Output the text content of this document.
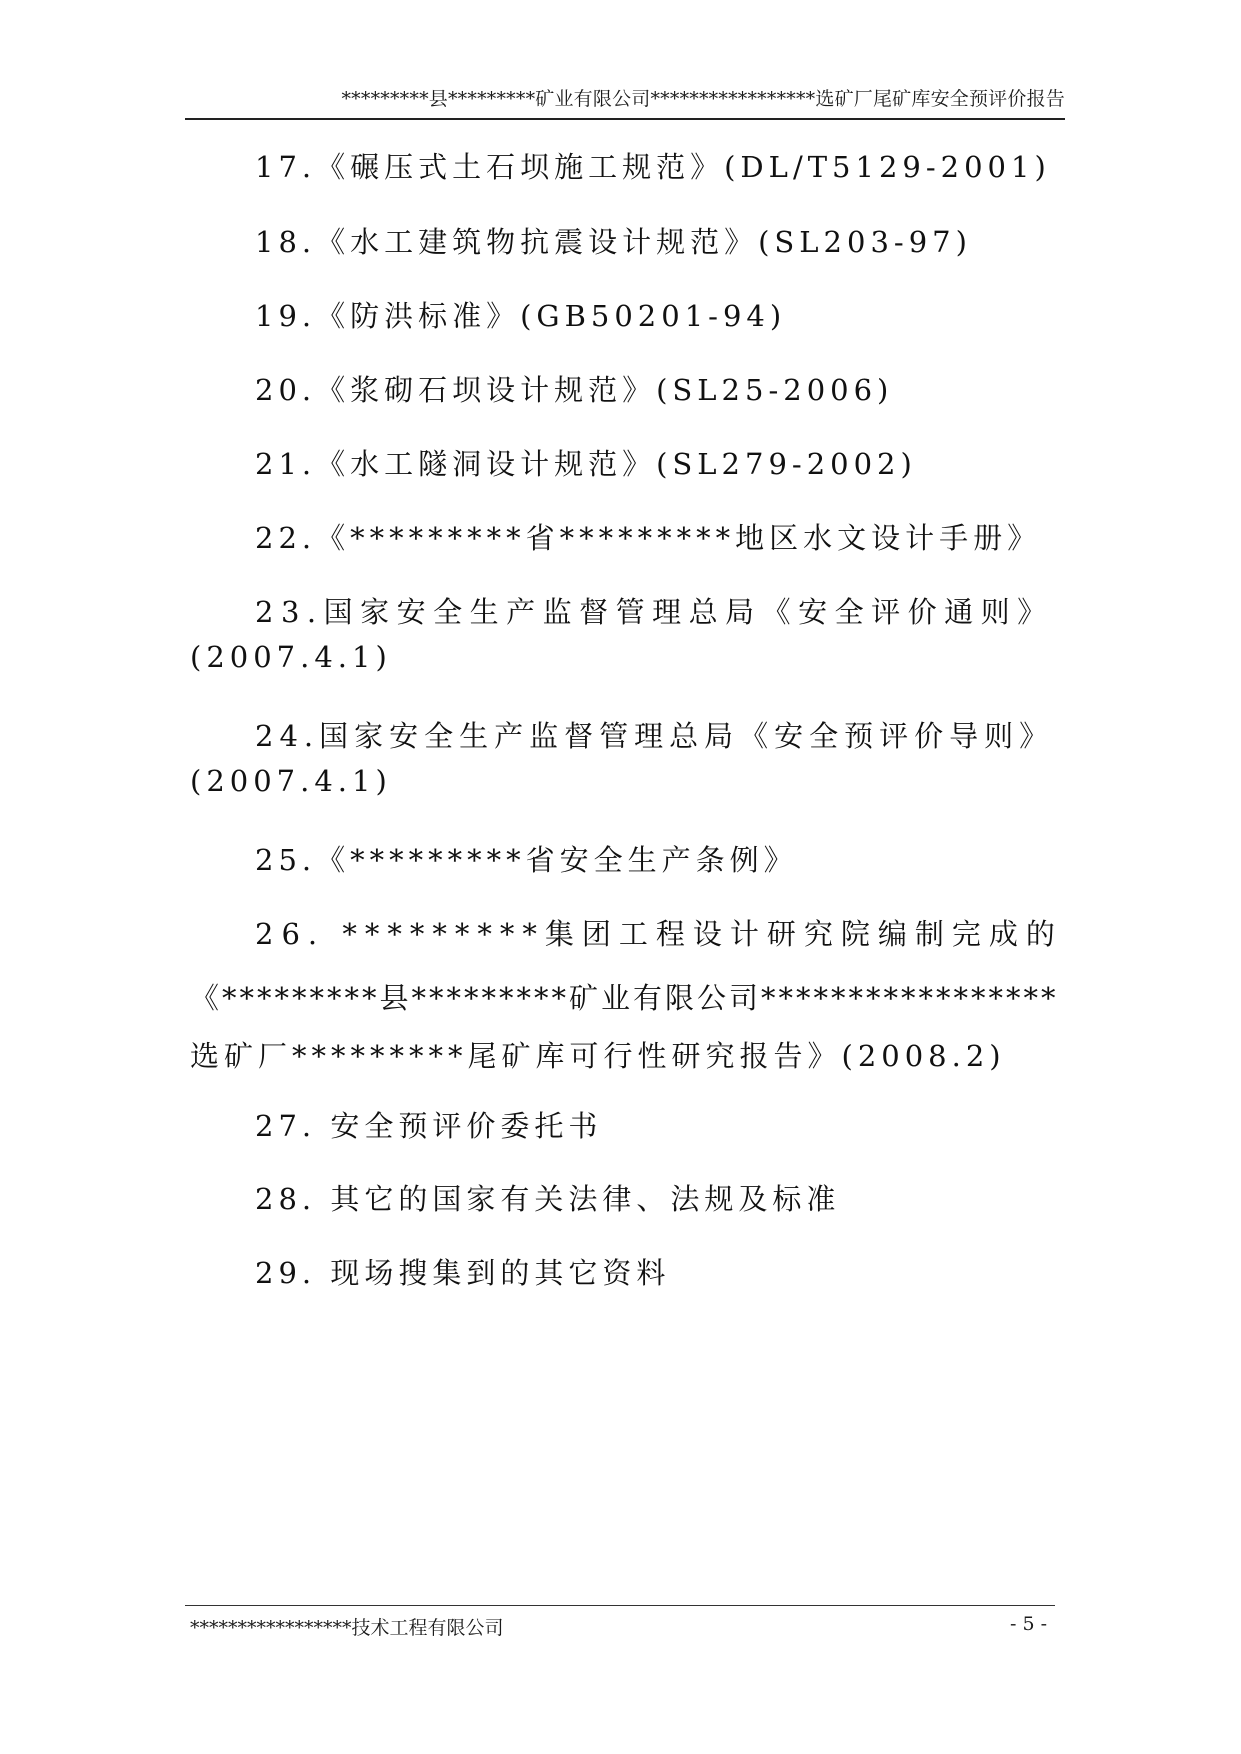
*********县*********矿业有限公司*****************选矿厂尾矿库安全预评价报告
17.《碾压式土石坝施工规范》(DL/T5129-2001)
18.《水工建筑物抗震设计规范》(SL203-97)
19.《防洪标准》(GB50201-94)
20.《浆砌石坝设计规范》(SL25-2006)
21.《水工隧洞设计规范》(SL279-2002)
22.《*********省*********地区水文设计手册》
23.国家安全生产监督管理总局《安全评价通则》
(2007.4.1)
24.国家安全生产监督管理总局《安全预评价导则》
(2007.4.1)
25.《*********省安全生产条例》
26. *********集团工程设计研究院编制完成的
《*********县*********矿业有限公司*****************
选矿厂*********尾矿库可行性研究报告》(2008.2)
27. 安全预评价委托书
28. 其它的国家有关法律、法规及标准
29. 现场搜集到的其它资料
*****************技术工程有限公司	- 5 -
